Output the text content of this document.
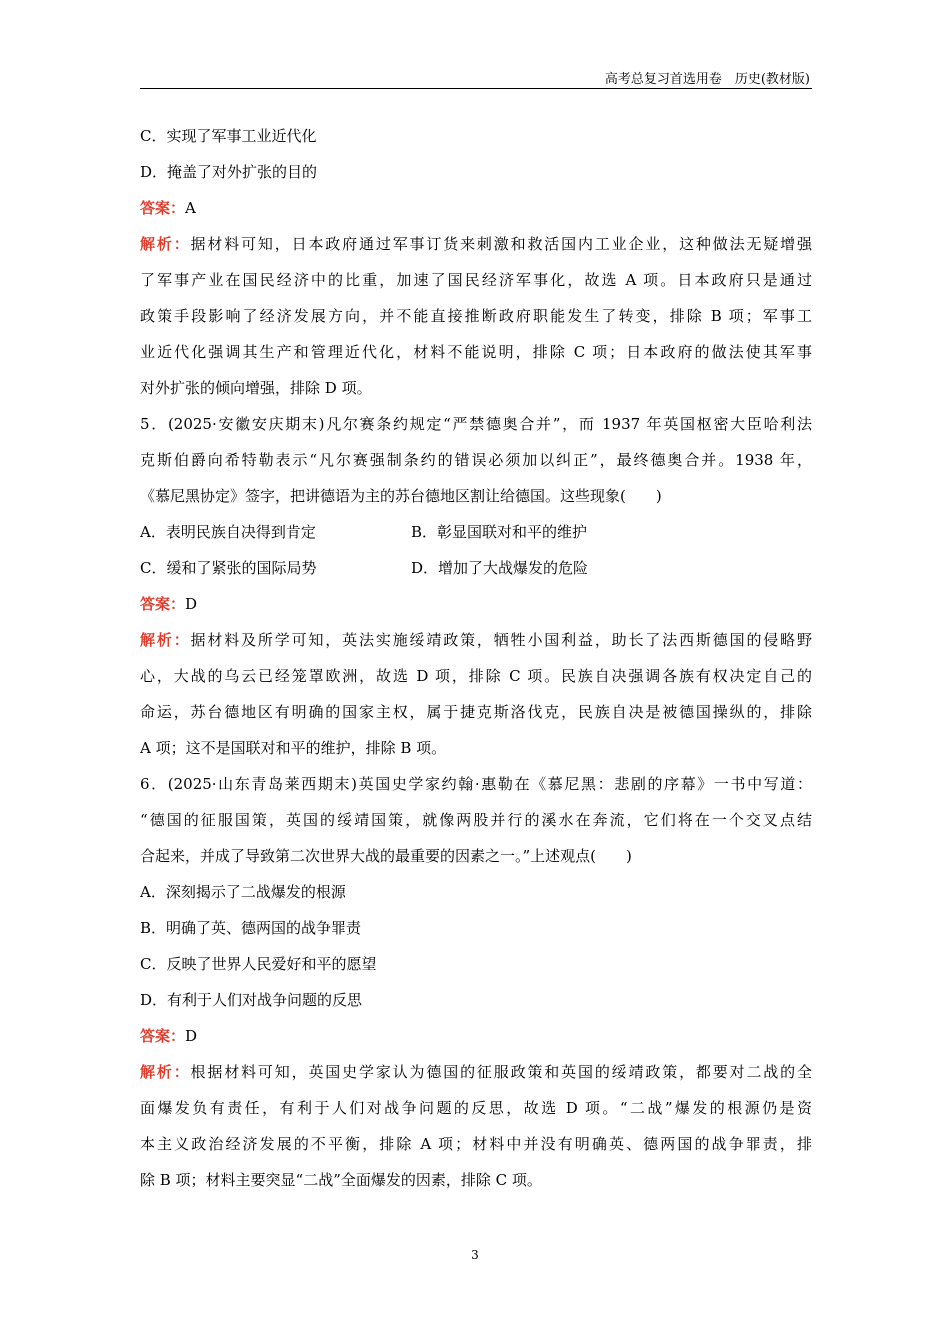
高考总复习首选用卷　历史(教材版)
C．实现了军事工业近代化
D．掩盖了对外扩张的目的
答案：A
解析：据材料可知，日本政府通过军事订货来刺激和救活国内工业企业，这种做法无疑增强
了军事产业在国民经济中的比重，加速了国民经济军事化，故选 A 项。日本政府只是通过
政策手段影响了经济发展方向，并不能直接推断政府职能发生了转变，排除 B 项；军事工
业近代化强调其生产和管理近代化，材料不能说明，排除 C 项；日本政府的做法使其军事
对外扩张的倾向增强，排除 D 项。
5．(2025·安徽安庆期末)凡尔赛条约规定“严禁德奥合并”，而 1937 年英国枢密大臣哈利法
克斯伯爵向希特勒表示“凡尔赛强制条约的错误必须加以纠正”，最终德奥合并。1938 年，
《慕尼黑协定》签字，把讲德语为主的苏台德地区割让给德国。这些现象(　　)
A．表明民族自决得到肯定	B．彰显国联对和平的维护
C．缓和了紧张的国际局势	D．增加了大战爆发的危险
答案：D
解析：据材料及所学可知，英法实施绥靖政策，牺牲小国利益，助长了法西斯德国的侵略野
心，大战的乌云已经笼罩欧洲，故选 D 项，排除 C 项。民族自决强调各族有权决定自己的
命运，苏台德地区有明确的国家主权，属于捷克斯洛伐克，民族自决是被德国操纵的，排除
A 项；这不是国联对和平的维护，排除 B 项。
6．(2025·山东青岛莱西期末)英国史学家约翰·惠勒在《慕尼黑：悲剧的序幕》一书中写道：
“德国的征服国策，英国的绥靖国策，就像两股并行的溪水在奔流，它们将在一个交叉点结
合起来，并成了导致第二次世界大战的最重要的因素之一。”上述观点(　　)
A．深刻揭示了二战爆发的根源
B．明确了英、德两国的战争罪责
C．反映了世界人民爱好和平的愿望
D．有利于人们对战争问题的反思
答案：D
解析：根据材料可知，英国史学家认为德国的征服政策和英国的绥靖政策，都要对二战的全
面爆发负有责任，有利于人们对战争问题的反思，故选 D 项。“二战”爆发的根源仍是资
本主义政治经济发展的不平衡，排除 A 项；材料中并没有明确英、德两国的战争罪责，排
除 B 项；材料主要突显“二战”全面爆发的因素，排除 C 项。
3
